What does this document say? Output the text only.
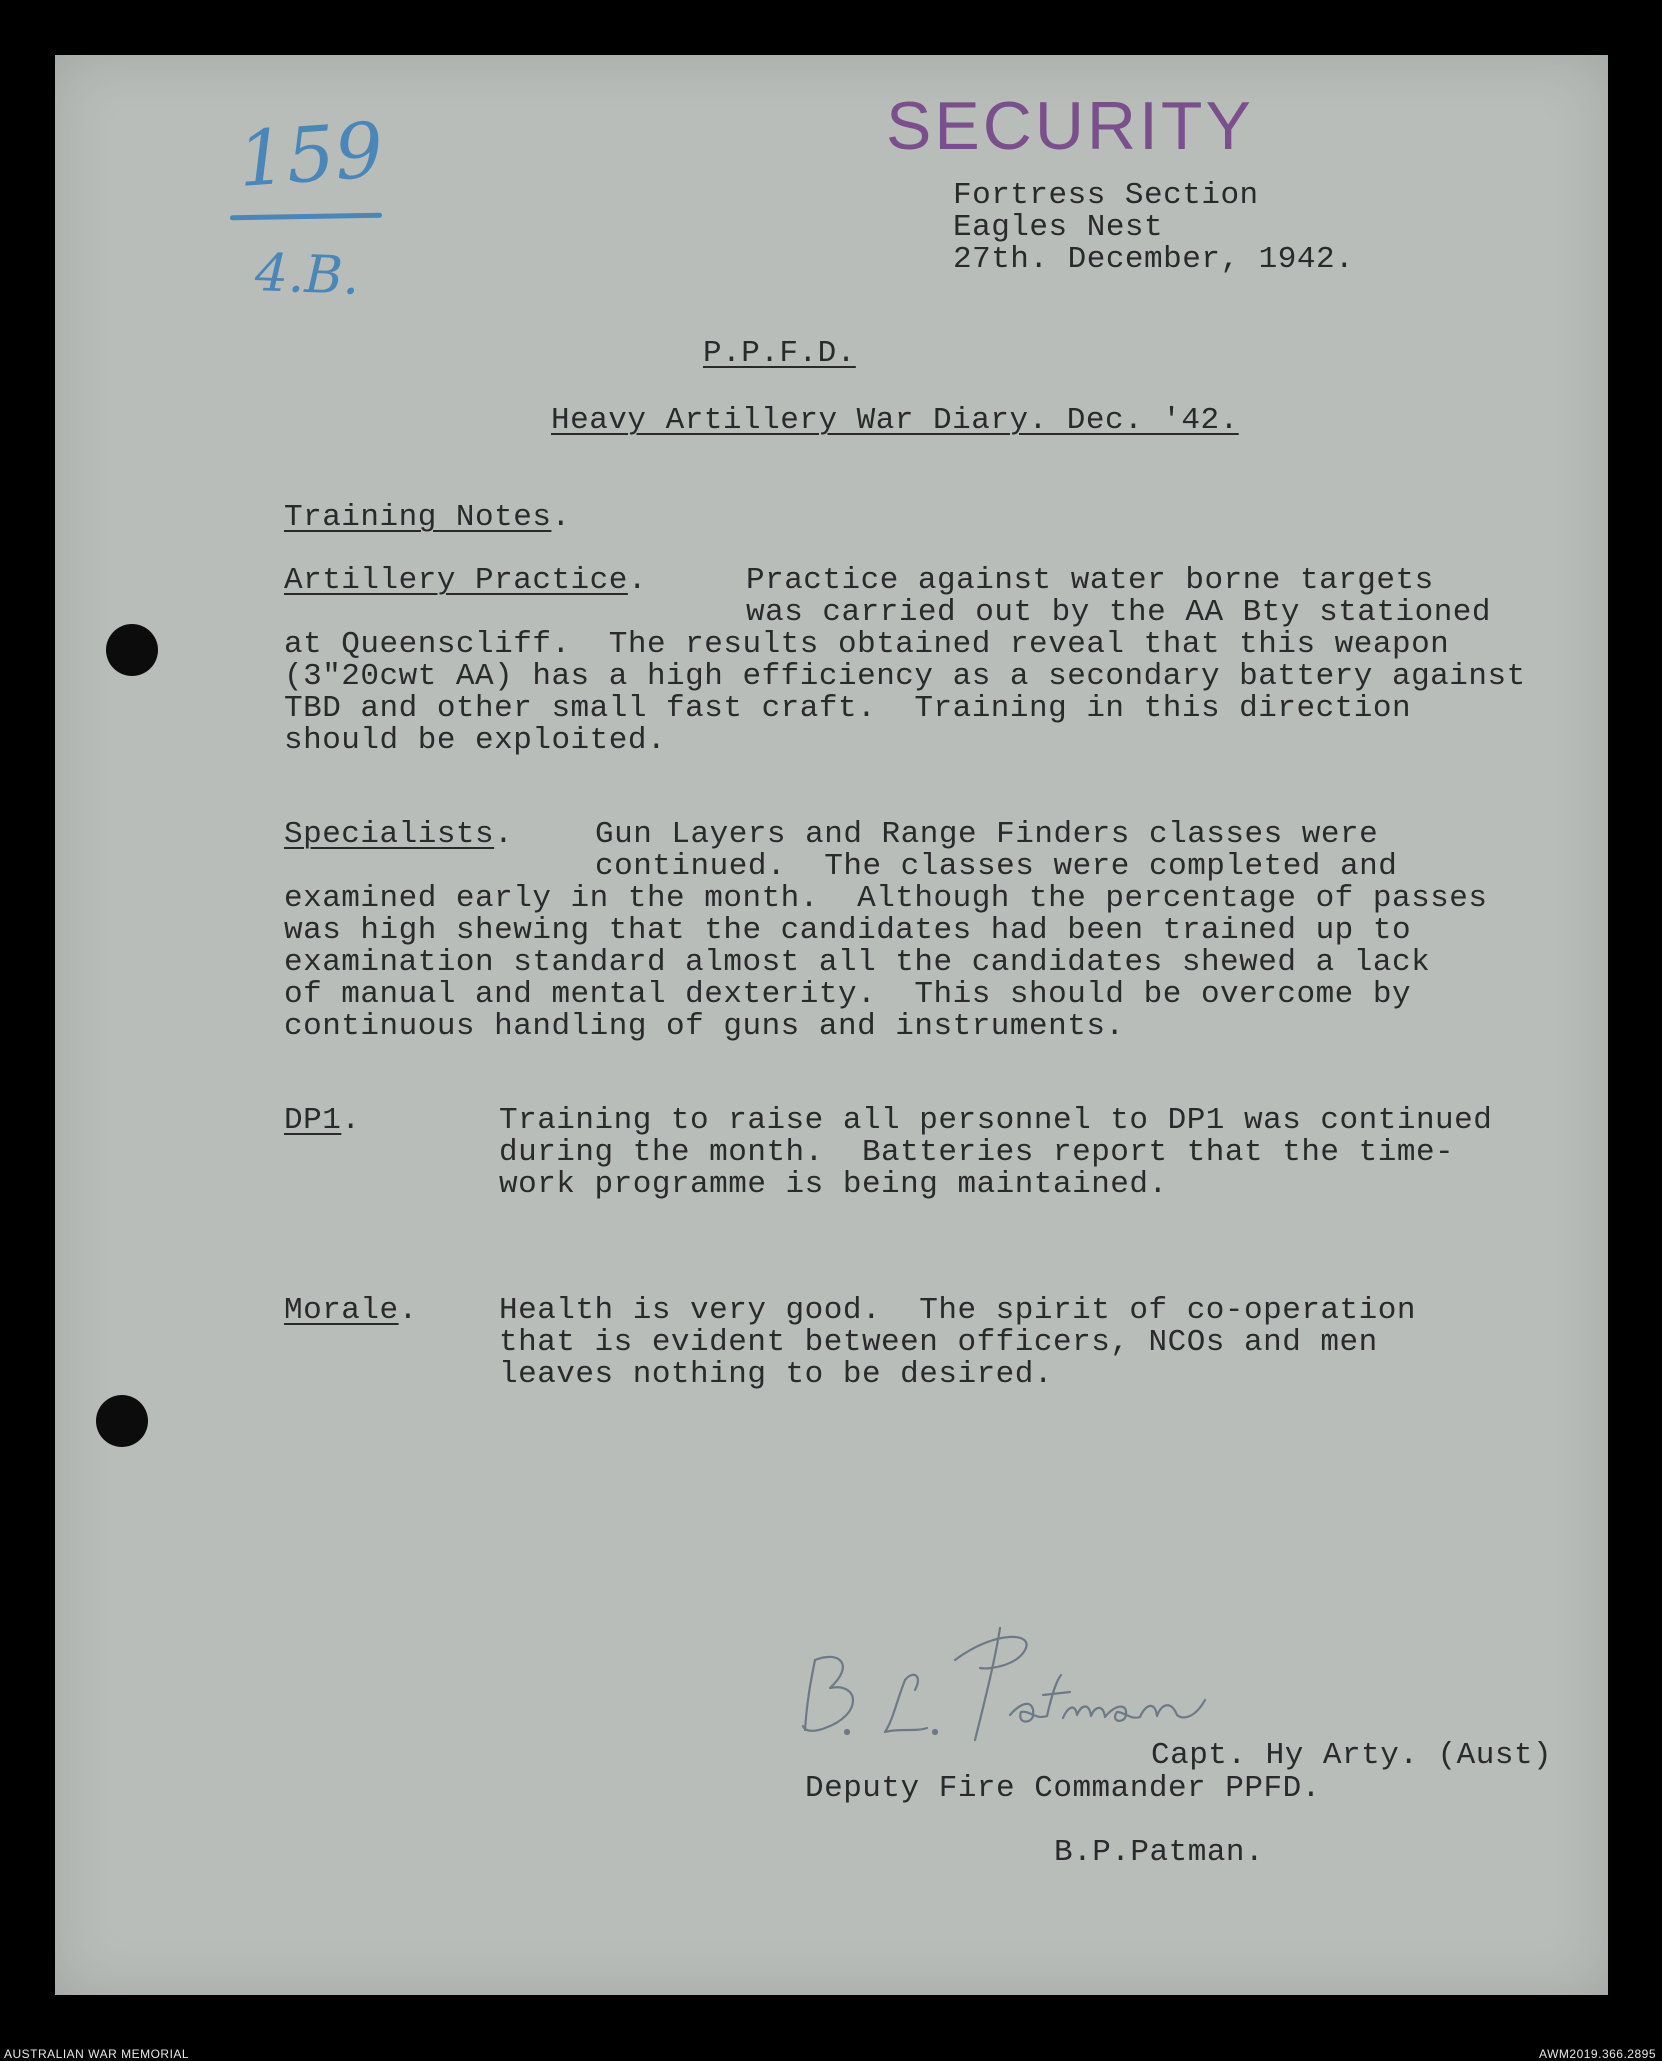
159
4.B.
SECURITY
Fortress Section
Eagles Nest
27th. December, 1942.
P.P.F.D.
Heavy Artillery War Diary. Dec. '42.
Training Notes.
Artillery Practice.	Practice against water borne targets
was carried out by the AA Bty stationed
at Queenscliff.  The results obtained reveal that this weapon
(3"20cwt AA) has a high efficiency as a secondary battery against
TBD and other small fast craft.  Training in this direction
should be exploited.
Specialists.	Gun Layers and Range Finders classes were
continued.  The classes were completed and
examined early in the month.  Although the percentage of passes
was high shewing that the candidates had been trained up to
examination standard almost all the candidates shewed a lack
of manual and mental dexterity.  This should be overcome by
continuous handling of guns and instruments.
DP1.	Training to raise all personnel to DP1 was continued
during the month.  Batteries report that the time-
work programme is being maintained.
Morale.	Health is very good.  The spirit of co-operation
that is evident between officers, NCOs and men
leaves nothing to be desired.
Capt. Hy Arty. (Aust)
Deputy Fire Commander PPFD.
B.P.Patman.
AUSTRALIAN WAR MEMORIAL	AWM2019.366.2895
